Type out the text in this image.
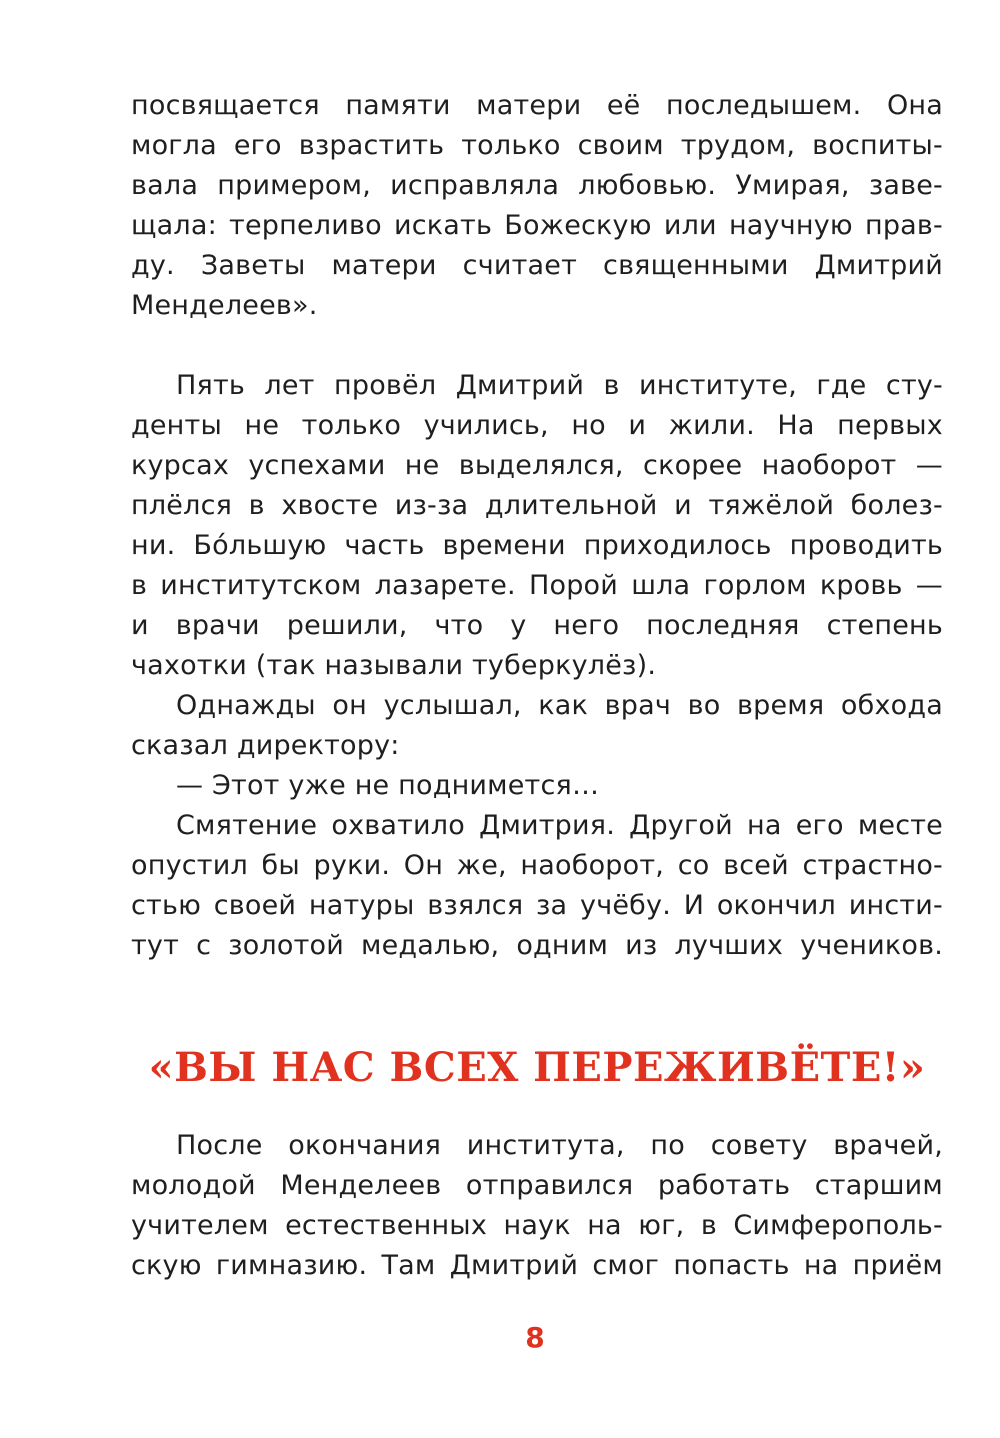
посвящается памяти матери её последышем. Она
могла его взрастить только своим трудом, воспиты-
вала примером, исправляла любовью. Умирая, заве-
щала: терпеливо искать Божескую или научную прав-
ду. Заветы матери считает священными Дмитрий
Менделеев».
Пять лет провёл Дмитрий в институте, где сту-
денты не только учились, но и жили. На первых
курсах успехами не выделялся, скорее наоборот —
плёлся в хвосте из-за длительной и тяжёлой болез-
ни. Бóльшую часть времени приходилось проводить
в институтском лазарете. Порой шла горлом кровь —
и врачи решили, что у него последняя степень
чахотки (так называли туберкулёз).
Однажды он услышал, как врач во время обхода
сказал директору:
— Этот уже не поднимется…
Смятение охватило Дмитрия. Другой на его месте
опустил бы руки. Он же, наоборот, со всей страстно-
стью своей натуры взялся за учёбу. И окончил инсти-
тут с золотой медалью, одним из лучших учеников.
«ВЫ НАС ВСЕХ ПЕРЕЖИВЁТЕ!»
После окончания института, по совету врачей,
молодой Менделеев отправился работать старшим
учителем естественных наук на юг, в Симферополь-
скую гимназию. Там Дмитрий смог попасть на приём
8
